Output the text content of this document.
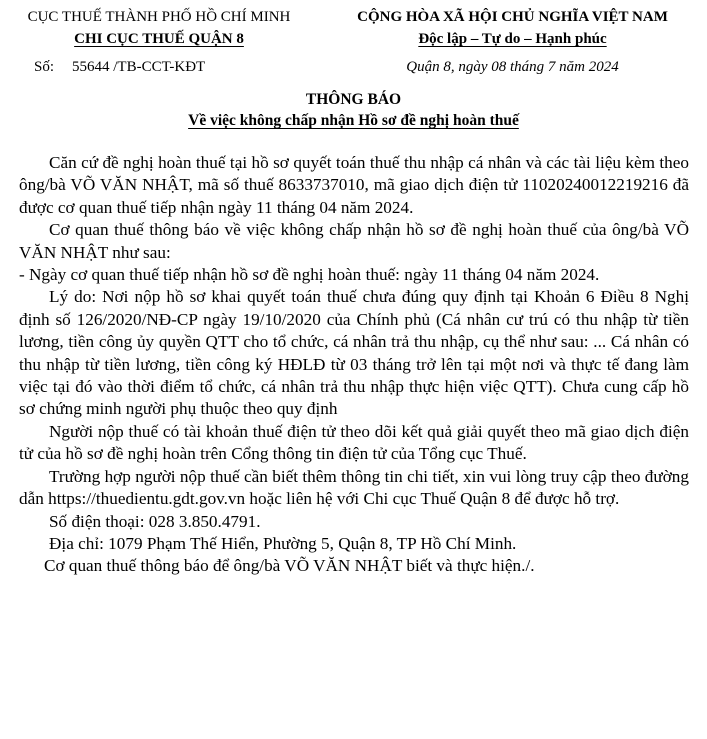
CỤC THUẾ THÀNH PHỐ HỒ CHÍ MINH
CHI CỤC THUẾ QUẬN 8
CỘNG HÒA XÃ HỘI CHỦ NGHĨA VIỆT NAM
Độc lập – Tự do – Hạnh phúc
Số: 55644 /TB-CCT-KĐT	Quận 8, ngày 08 tháng 7 năm 2024
THÔNG BÁO
Về việc không chấp nhận Hồ sơ đề nghị hoàn thuế

Căn cứ đề nghị hoàn thuế tại hồ sơ quyết toán thuế thu nhập cá nhân và các tài liệu kèm theo ông/bà VÕ VĂN NHẬT, mã số thuế 8633737010, mã giao dịch điện tử 11020240012219216 đã được cơ quan thuế tiếp nhận ngày 11 tháng 04 năm 2024.

Cơ quan thuế thông báo về việc không chấp nhận hồ sơ đề nghị hoàn thuế của ông/bà VÕ VĂN NHẬT như sau:

- Ngày cơ quan thuế tiếp nhận hồ sơ đề nghị hoàn thuế: ngày 11 tháng 04 năm 2024.

Lý do: Nơi nộp hồ sơ khai quyết toán thuế chưa đúng quy định tại Khoản 6 Điều 8 Nghị định số 126/2020/NĐ-CP ngày 19/10/2020 của Chính phủ (Cá nhân cư trú có thu nhập từ tiền lương, tiền công ủy quyền QTT cho tổ chức, cá nhân trả thu nhập, cụ thể như sau: ... Cá nhân có thu nhập từ tiền lương, tiền công ký HĐLĐ từ 03 tháng trở lên tại một nơi và thực tế đang làm việc tại đó vào thời điểm tổ chức, cá nhân trả thu nhập thực hiện việc QTT). Chưa cung cấp hồ sơ chứng minh người phụ thuộc theo quy định

Người nộp thuế có tài khoản thuế điện tử theo dõi kết quả giải quyết theo mã giao dịch điện tử của hồ sơ đề nghị hoàn trên Cổng thông tin điện tử của Tổng cục Thuế.

Trường hợp người nộp thuế cần biết thêm thông tin chi tiết, xin vui lòng truy cập theo đường dẫn https://thuedientu.gdt.gov.vn hoặc liên hệ với Chi cục Thuế Quận 8 để được hỗ trợ.

Số điện thoại: 028 3.850.4791.

Địa chỉ: 1079 Phạm Thế Hiển, Phường 5, Quận 8, TP Hồ Chí Minh.

Cơ quan thuế thông báo để ông/bà VÕ VĂN NHẬT biết và thực hiện./.
